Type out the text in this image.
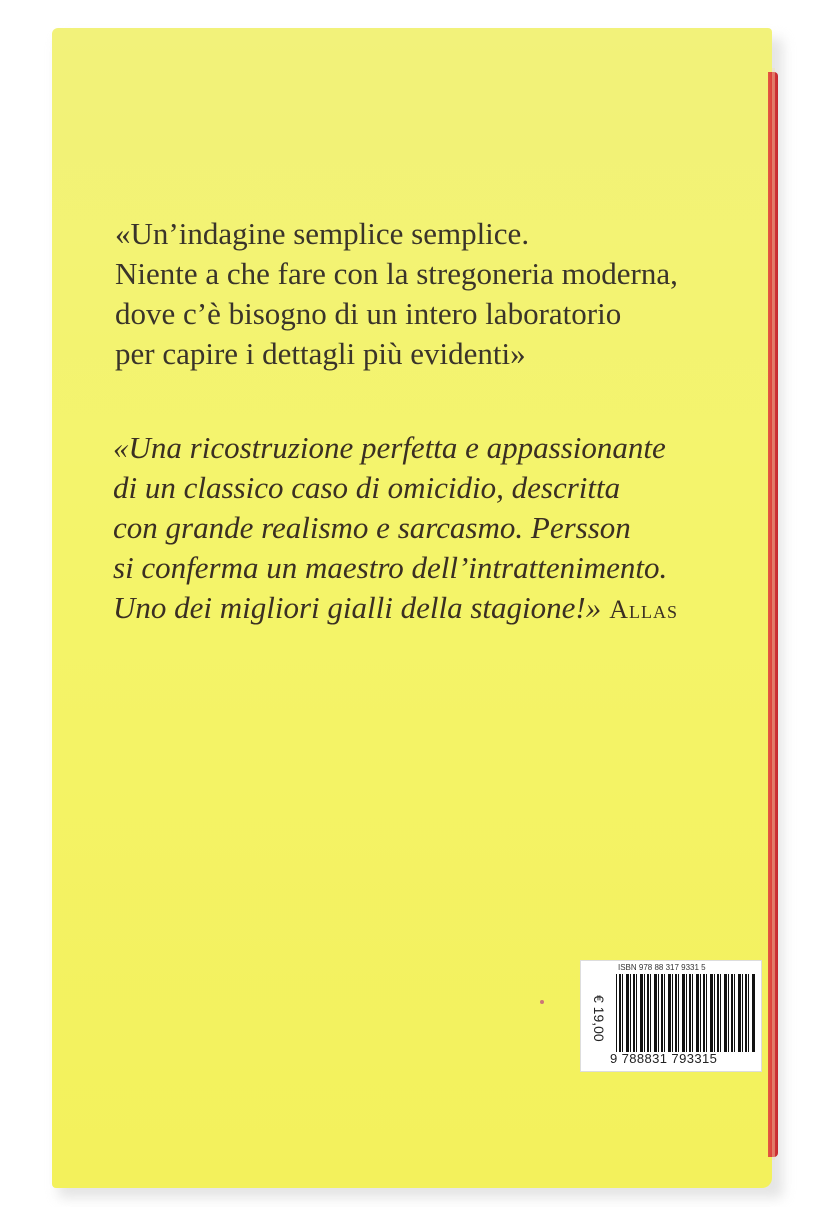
«Un’indagine semplice semplice.
Niente a che fare con la stregoneria moderna,
dove c’è bisogno di un intero laboratorio
per capire i dettagli più evidenti»
«Una ricostruzione perfetta e appassionante
di un classico caso di omicidio, descritta
con grande realismo e sarcasmo. Persson
si conferma un maestro dell’intrattenimento.
Uno dei migliori gialli della stagione!» Allas
€ 19,00
ISBN 978 88 317 9331 5
9 788831 793315
